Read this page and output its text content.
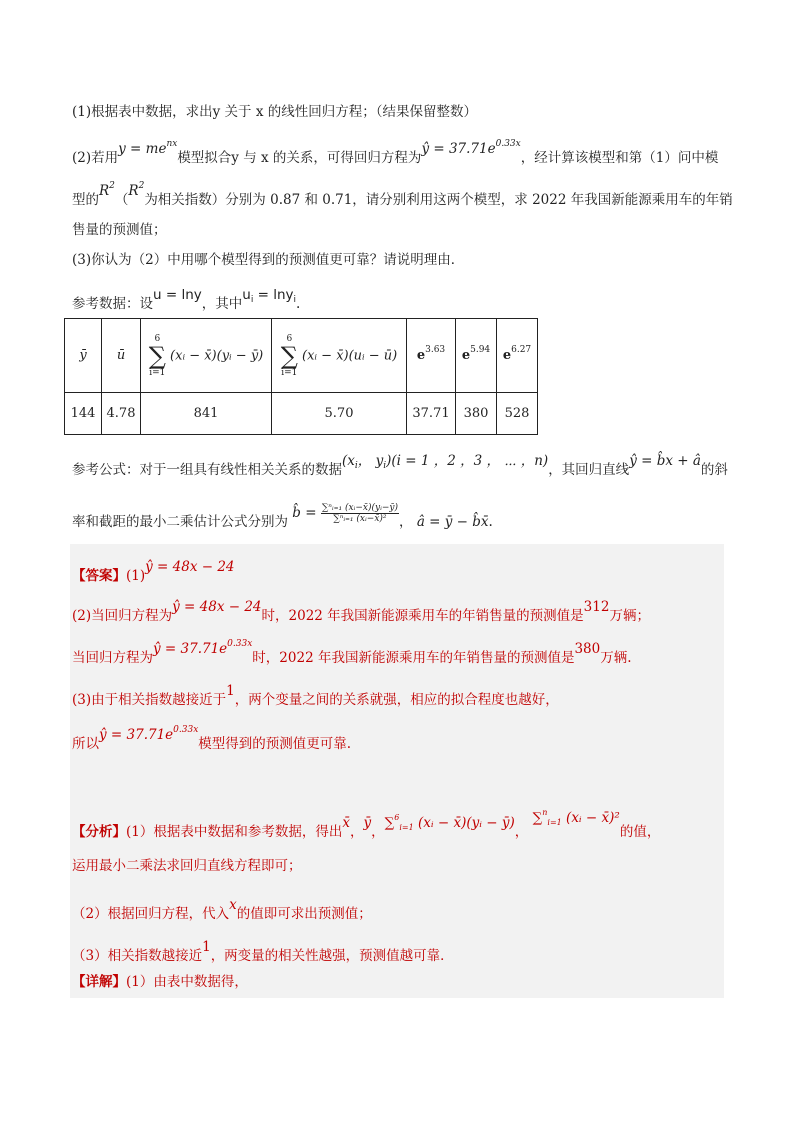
(1)根据表中数据，求出y 关于 x 的线性回归方程；（结果保留整数）
(2)若用$y = me^{nx}$模型拟合y 与 x 的关系，可得回归方程为ŷ = $37.71e^{0.33x}$，经计算该模型和第（1）问中模
型的$R^2(R^2$为相关指数）分别为 0.87 和 0.71，请分别利用这两个模型，求 2022 年我国新能源乘用车的年销
售量的预测值；
(3)你认为（2）中用哪个模型得到的预测值更可靠？请说明理由．
参考数据：设u = lny，其中$u_i = \ln y_i$.
ȳ	ū	6
∑
i=1
(xᵢ − x̄)(yᵢ − ȳ)	6
∑
i=1
(xᵢ − x̄)(uᵢ − ū)	$e^{3.63}$	$e^{5.94}$	$e^{6.27}$
144	4.78	841	5.70	37.71	380	528
参考公式：对于一组具有线性相关关系的数据($x_i$， $y_i)(i = 1$ ，2 ，3 ， ⋯ ，n)，其回归直线ŷ = b̂x + â的斜
率和截距的最小二乘估计公式分别为 b̂ = $\frac{\text{∑ⁿᵢ₌₁ (xᵢ−x̄)(yᵢ−ȳ)}}{\text{∑ⁿᵢ₌₁ (xᵢ−x̄)²}}$ ， â = ȳ − b̂x̄.
【答案】(1)ŷ = 48x − 24
(2)当回归方程为ŷ = 48x − 24时，2022 年我国新能源乘用车的年销售量的预测值是312万辆；
当回归方程为ŷ = $37.71e^{0.33x}$时，2022 年我国新能源乘用车的年销售量的预测值是380万辆.
(3)由于相关指数越接近于1，两个变量之间的关系就强，相应的拟合程度也越好，
所以ŷ = $37.71e^{0.33x}$模型得到的预测值更可靠.
【分析】(1）根据表中数据和参考数据，得出x̄，ȳ，∑$^6_{i=1}$ (xᵢ − x̄)(yᵢ − ȳ)， ∑$^n_{i=1}$ (xᵢ − x̄)²的值，
运用最小二乘法求回归直线方程即可；
（2）根据回归方程，代入x的值即可求出预测值；
（3）相关指数越接近1，两变量的相关性越强，预测值越可靠．
【详解】(1）由表中数据得，
